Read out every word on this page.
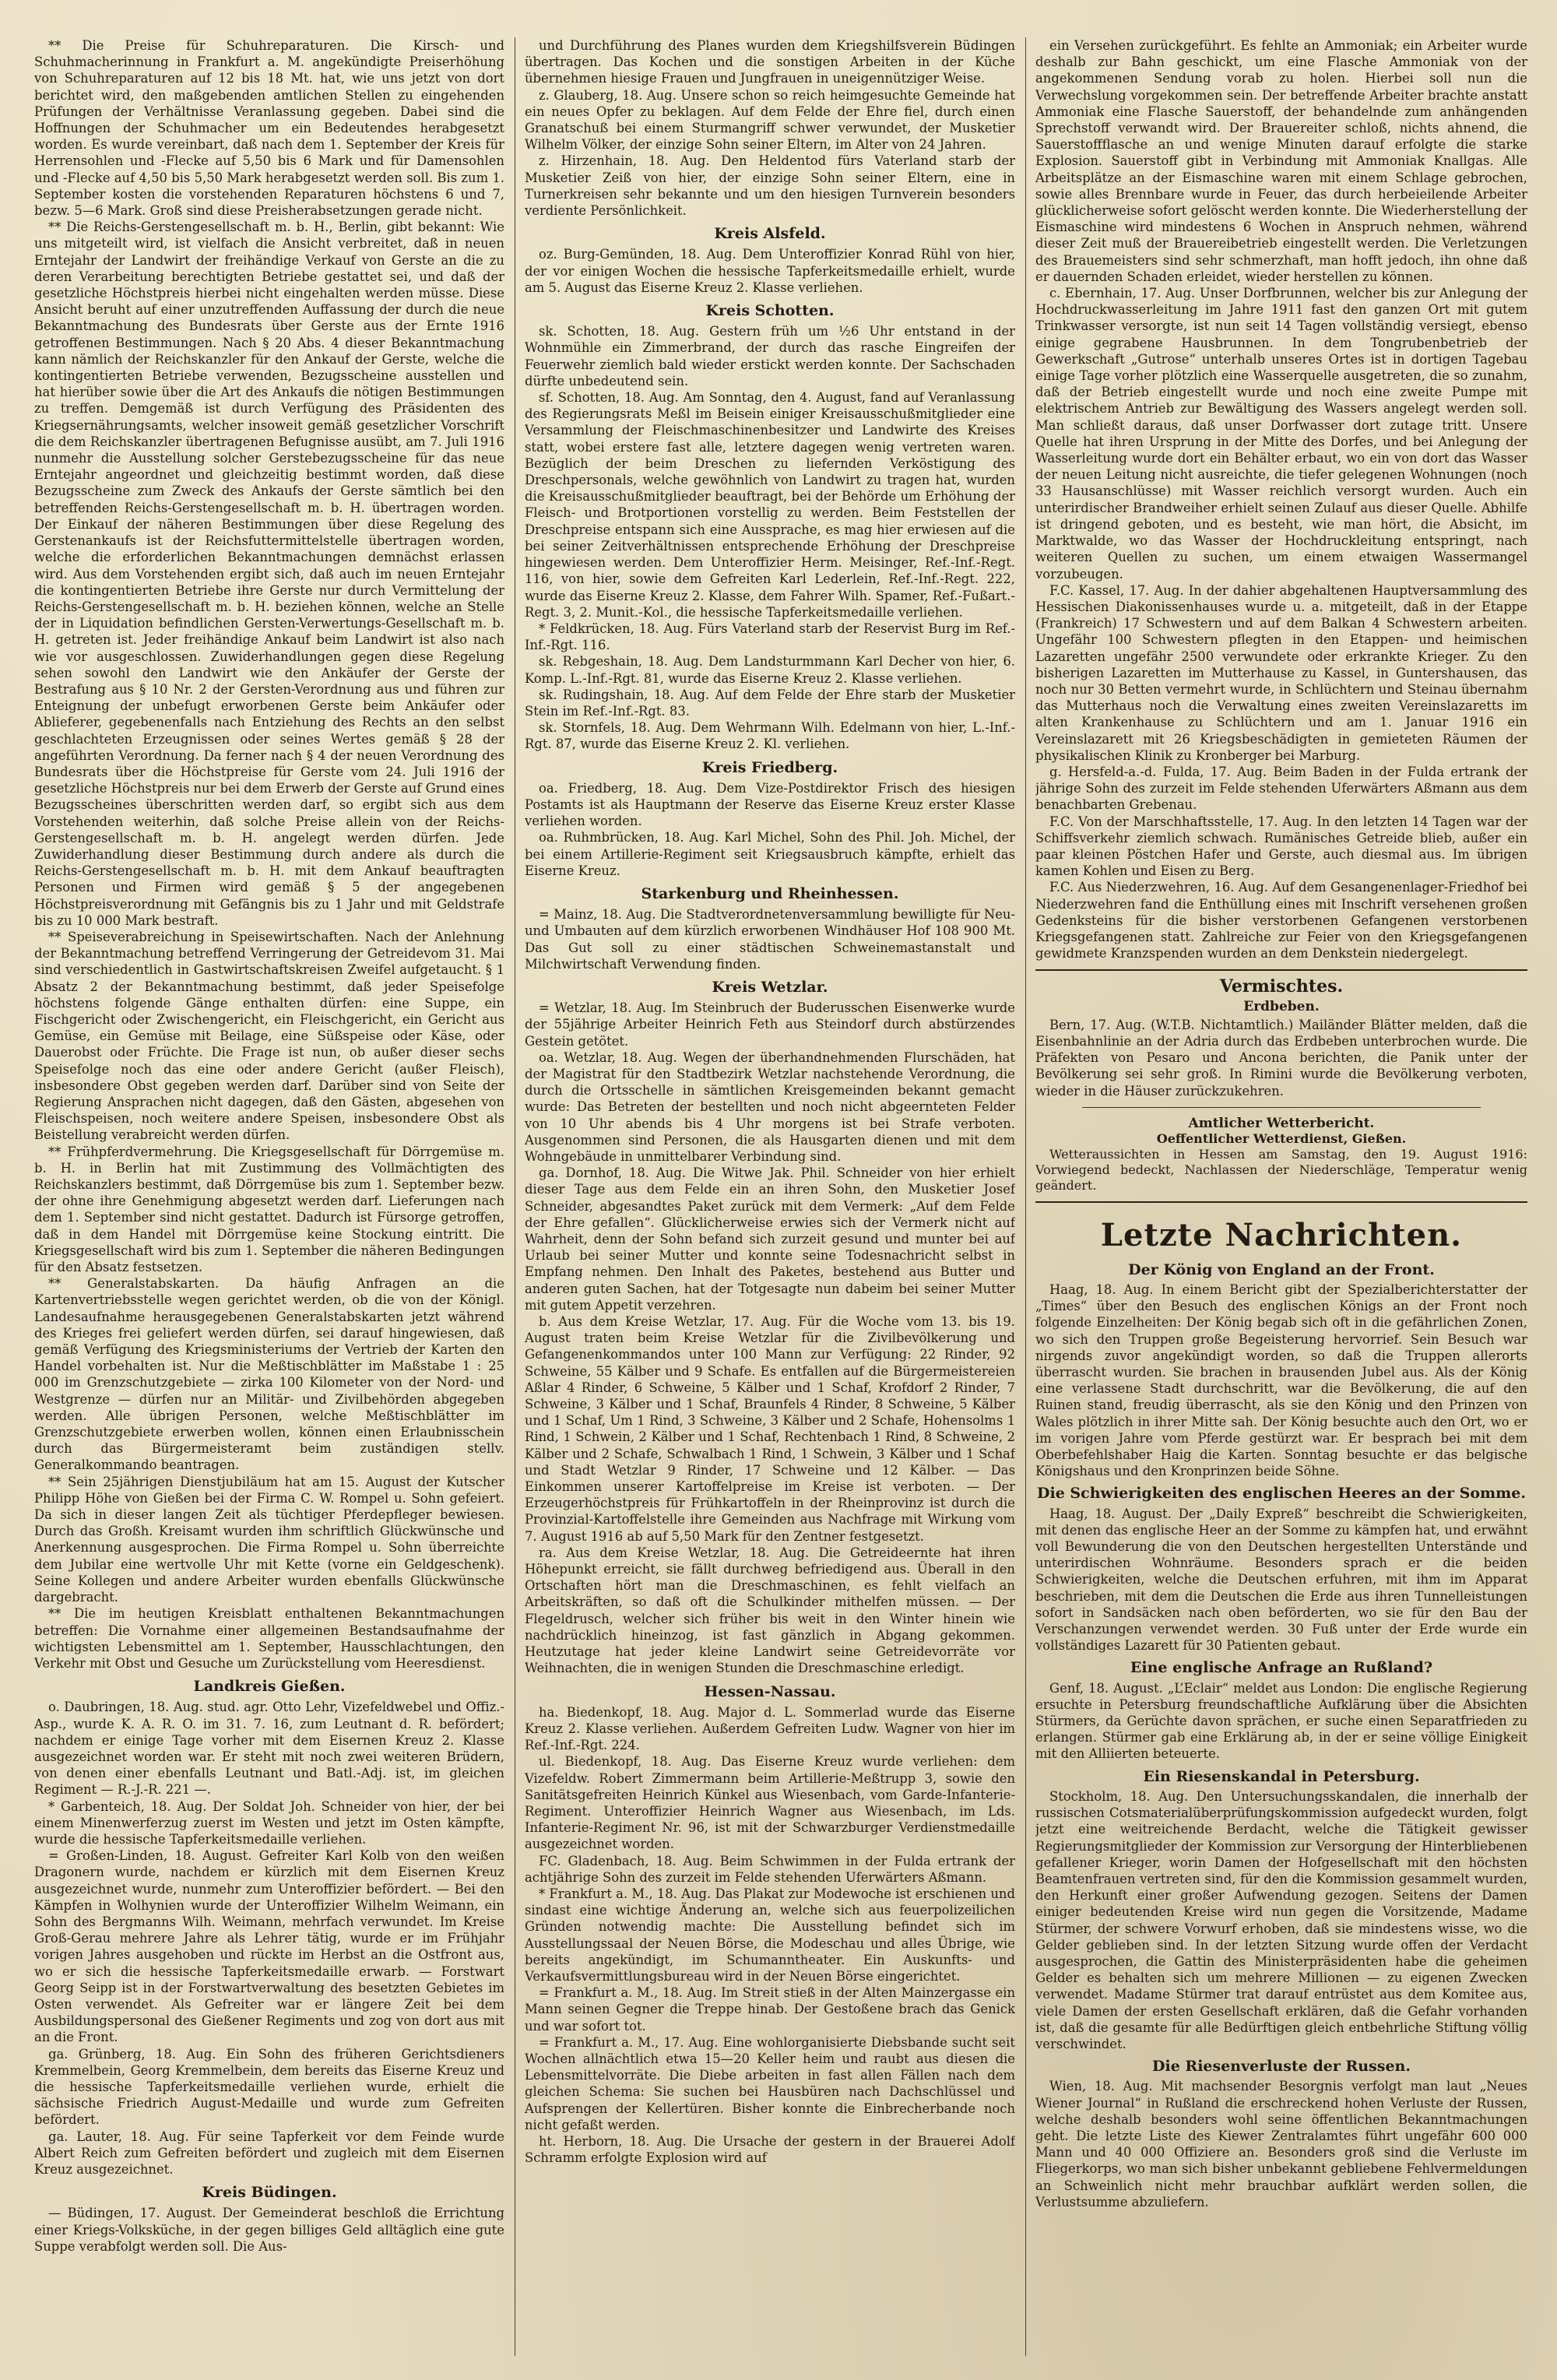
** Die Preise für Schuhreparaturen. Die Kirsch- und Schuhmacherinnung in Frankfurt a. M. angekündigte Preiserhöhung von Schuhreparaturen auf 12 bis 18 Mt. hat, wie uns jetzt von dort berichtet wird, den maßgebenden amtlichen Stellen zu eingehenden Prüfungen der Verhältnisse Veranlassung gegeben. Dabei sind die Hoffnungen der Schuhmacher um ein Bedeutendes herabgesetzt worden. Es wurde vereinbart, daß nach dem 1. September der Kreis für Herrensohlen und -Flecke auf 5,50 bis 6 Mark und für Damensohlen und -Flecke auf 4,50 bis 5,50 Mark herabgesetzt werden soll. Bis zum 1. September kosten die vorstehenden Reparaturen höchstens 6 und 7, bezw. 5—6 Mark. Groß sind diese Preisherabsetzungen gerade nicht.

** Die Reichs-Gerstengesellschaft m. b. H., Berlin, gibt bekannt: Wie uns mitgeteilt wird, ist vielfach die Ansicht verbreitet, daß in neuen Erntejahr der Landwirt der freihändige Verkauf von Gerste an die zu deren Verarbeitung berechtigten Betriebe gestattet sei, und daß der gesetzliche Höchstpreis hierbei nicht eingehalten werden müsse. Diese Ansicht beruht auf einer unzutreffenden Auffassung der durch die neue Bekanntmachung des Bundesrats über Gerste aus der Ernte 1916 getroffenen Bestimmungen. Nach § 20 Abs. 4 dieser Bekanntmachung kann nämlich der Reichskanzler für den Ankauf der Gerste, welche die kontingentierten Betriebe verwenden, Bezugsscheine ausstellen und hat hierüber sowie über die Art des Ankaufs die nötigen Bestimmungen zu treffen. Demgemäß ist durch Verfügung des Präsidenten des Kriegsernährungsamts, welcher insoweit gemäß gesetzlicher Vorschrift die dem Reichskanzler übertragenen Befugnisse ausübt, am 7. Juli 1916 nunmehr die Ausstellung solcher Gerstebezugsscheine für das neue Erntejahr angeordnet und gleichzeitig bestimmt worden, daß diese Bezugsscheine zum Zweck des Ankaufs der Gerste sämtlich bei den betreffenden Reichs-Gerstengesellschaft m. b. H. übertragen worden. Der Einkauf der näheren Bestimmungen über diese Regelung des Gerstenankaufs ist der Reichsfuttermittelstelle übertragen worden, welche die erforderlichen Bekanntmachungen demnächst erlassen wird. Aus dem Vorstehenden ergibt sich, daß auch im neuen Erntejahr die kontingentierten Betriebe ihre Gerste nur durch Vermittelung der Reichs-Gerstengesellschaft m. b. H. beziehen können, welche an Stelle der in Liquidation befindlichen Gersten-Verwertungs-Gesellschaft m. b. H. getreten ist. Jeder freihändige Ankauf beim Landwirt ist also nach wie vor ausgeschlossen. Zuwiderhandlungen gegen diese Regelung sehen sowohl den Landwirt wie den Ankäufer der Gerste der Bestrafung aus § 10 Nr. 2 der Gersten-Verordnung aus und führen zur Enteignung der unbefugt erworbenen Gerste beim Ankäufer oder Ablieferer, gegebenenfalls nach Entziehung des Rechts an den selbst geschlachteten Erzeugnissen oder seines Wertes gemäß § 28 der angeführten Verordnung. Da ferner nach § 4 der neuen Verordnung des Bundesrats über die Höchstpreise für Gerste vom 24. Juli 1916 der gesetzliche Höchstpreis nur bei dem Erwerb der Gerste auf Grund eines Bezugsscheines überschritten werden darf, so ergibt sich aus dem Vorstehenden weiterhin, daß solche Preise allein von der Reichs-Gerstengesellschaft m. b. H. angelegt werden dürfen. Jede Zuwiderhandlung dieser Bestimmung durch andere als durch die Reichs-Gerstengesellschaft m. b. H. mit dem Ankauf beauftragten Personen und Firmen wird gemäß § 5 der angegebenen Höchstpreisverordnung mit Gefängnis bis zu 1 Jahr und mit Geldstrafe bis zu 10 000 Mark bestraft.

** Speiseverabreichung in Speisewirtschaften. Nach der Anlehnung der Bekanntmachung betreffend Verringerung der Getreidevom 31. Mai sind verschiedentlich in Gastwirtschaftskreisen Zweifel aufgetaucht. § 1 Absatz 2 der Bekanntmachung bestimmt, daß jeder Speisefolge höchstens folgende Gänge enthalten dürfen: eine Suppe, ein Fischgericht oder Zwischengericht, ein Fleischgericht, ein Gericht aus Gemüse, ein Gemüse mit Beilage, eine Süßspeise oder Käse, oder Dauerobst oder Früchte. Die Frage ist nun, ob außer dieser sechs Speisefolge noch das eine oder andere Gericht (außer Fleisch), insbesondere Obst gegeben werden darf. Darüber sind von Seite der Regierung Ansprachen nicht dagegen, daß den Gästen, abgesehen von Fleischspeisen, noch weitere andere Speisen, insbesondere Obst als Beistellung verabreicht werden dürfen.

** Frühpferdvermehrung. Die Kriegsgesellschaft für Dörrgemüse m. b. H. in Berlin hat mit Zustimmung des Vollmächtigten des Reichskanzlers bestimmt, daß Dörrgemüse bis zum 1. September bezw. der ohne ihre Genehmigung abgesetzt werden darf. Lieferungen nach dem 1. September sind nicht gestattet. Dadurch ist Fürsorge getroffen, daß in dem Handel mit Dörrgemüse keine Stockung eintritt. Die Kriegsgesellschaft wird bis zum 1. September die näheren Bedingungen für den Absatz festsetzen.

** Generalstabskarten. Da häufig Anfragen an die Kartenvertriebsstelle wegen gerichtet werden, ob die von der Königl. Landesaufnahme herausgegebenen Generalstabskarten jetzt während des Krieges frei geliefert werden dürfen, sei darauf hingewiesen, daß gemäß Verfügung des Kriegsministeriums der Vertrieb der Karten den Handel vorbehalten ist. Nur die Meßtischblätter im Maßstabe 1 : 25 000 im Grenzschutzgebiete — zirka 100 Kilometer von der Nord- und Westgrenze — dürfen nur an Militär- und Zivilbehörden abgegeben werden. Alle übrigen Personen, welche Meßtischblätter im Grenzschutzgebiete erwerben wollen, können einen Erlaubnisschein durch das Bürgermeisteramt beim zuständigen stellv. Generalkommando beantragen.

** Sein 25jährigen Dienstjubiläum hat am 15. August der Kutscher Philipp Höhe von Gießen bei der Firma C. W. Rompel u. Sohn gefeiert. Da sich in dieser langen Zeit als tüchtiger Pferdepfleger bewiesen. Durch das Großh. Kreisamt wurden ihm schriftlich Glückwünsche und Anerkennung ausgesprochen. Die Firma Rompel u. Sohn überreichte dem Jubilar eine wertvolle Uhr mit Kette (vorne ein Geldgeschenk). Seine Kollegen und andere Arbeiter wurden ebenfalls Glückwünsche dargebracht.

** Die im heutigen Kreisblatt enthaltenen Bekanntmachungen betreffen: Die Vornahme einer allgemeinen Bestandsaufnahme der wichtigsten Lebensmittel am 1. September, Hausschlachtungen, den Verkehr mit Obst und Gesuche um Zurückstellung vom Heeresdienst.

Landkreis Gießen.

o. Daubringen, 18. Aug. stud. agr. Otto Lehr, Vizefeldwebel und Offiz.-Asp., wurde K. A. R. O. im 31. 7. 16, zum Leutnant d. R. befördert; nachdem er einige Tage vorher mit dem Eisernen Kreuz 2. Klasse ausgezeichnet worden war. Er steht mit noch zwei weiteren Brüdern, von denen einer ebenfalls Leutnant und Batl.-Adj. ist, im gleichen Regiment — R.-J.-R. 221 —.

* Garbenteich, 18. Aug. Der Soldat Joh. Schneider von hier, der bei einem Minenwerferzug zuerst im Westen und jetzt im Osten kämpfte, wurde die hessische Tapferkeitsmedaille verliehen.

= Großen-Linden, 18. August. Gefreiter Karl Kolb von den weißen Dragonern wurde, nachdem er kürzlich mit dem Eisernen Kreuz ausgezeichnet wurde, nunmehr zum Unteroffizier befördert. — Bei den Kämpfen in Wolhynien wurde der Unteroffizier Wilhelm Weimann, ein Sohn des Bergmanns Wilh. Weimann, mehrfach verwundet. Im Kreise Groß-Gerau mehrere Jahre als Lehrer tätig, wurde er im Frühjahr vorigen Jahres ausgehoben und rückte im Herbst an die Ostfront aus, wo er sich die hessische Tapferkeitsmedaille erwarb. — Forstwart Georg Seipp ist in der Forstwartverwaltung des besetzten Gebietes im Osten verwendet. Als Gefreiter war er längere Zeit bei dem Ausbildungspersonal des Gießener Regiments und zog von dort aus mit an die Front.

ga. Grünberg, 18. Aug. Ein Sohn des früheren Gerichtsdieners Kremmelbein, Georg Kremmelbein, dem bereits das Eiserne Kreuz und die hessische Tapferkeitsmedaille verliehen wurde, erhielt die sächsische Friedrich August-Medaille und wurde zum Gefreiten befördert.

ga. Lauter, 18. Aug. Für seine Tapferkeit vor dem Feinde wurde Albert Reich zum Gefreiten befördert und zugleich mit dem Eisernen Kreuz ausgezeichnet.

Kreis Büdingen.

— Büdingen, 17. August. Der Gemeinderat beschloß die Errichtung einer Kriegs-Volksküche, in der gegen billiges Geld alltäglich eine gute Suppe verabfolgt werden soll. Die Aus-

und Durchführung des Planes wurden dem Kriegshilfsverein Büdingen übertragen. Das Kochen und die sonstigen Arbeiten in der Küche übernehmen hiesige Frauen und Jungfrauen in uneigennütziger Weise.

z. Glauberg, 18. Aug. Unsere schon so reich heimgesuchte Gemeinde hat ein neues Opfer zu beklagen. Auf dem Felde der Ehre fiel, durch einen Granatschuß bei einem Sturmangriff schwer verwundet, der Musketier Wilhelm Völker, der einzige Sohn seiner Eltern, im Alter von 24 Jahren.

z. Hirzenhain, 18. Aug. Den Heldentod fürs Vaterland starb der Musketier Zeiß von hier, der einzige Sohn seiner Eltern, eine in Turnerkreisen sehr bekannte und um den hiesigen Turnverein besonders verdiente Persönlichkeit.

Kreis Alsfeld.

oz. Burg-Gemünden, 18. Aug. Dem Unteroffizier Konrad Rühl von hier, der vor einigen Wochen die hessische Tapferkeitsmedaille erhielt, wurde am 5. August das Eiserne Kreuz 2. Klasse verliehen.

Kreis Schotten.

sk. Schotten, 18. Aug. Gestern früh um ½6 Uhr entstand in der Wohnmühle ein Zimmerbrand, der durch das rasche Eingreifen der Feuerwehr ziemlich bald wieder erstickt werden konnte. Der Sachschaden dürfte unbedeutend sein.

sf. Schotten, 18. Aug. Am Sonntag, den 4. August, fand auf Veranlassung des Regierungsrats Meßl im Beisein einiger Kreisausschußmitglieder eine Versammlung der Fleischmaschinenbesitzer und Landwirte des Kreises statt, wobei erstere fast alle, letztere dagegen wenig vertreten waren. Bezüglich der beim Dreschen zu liefernden Verköstigung des Dreschpersonals, welche gewöhnlich von Landwirt zu tragen hat, wurden die Kreisausschußmitglieder beauftragt, bei der Behörde um Erhöhung der Fleisch- und Brotportionen vorstellig zu werden. Beim Feststellen der Dreschpreise entspann sich eine Aussprache, es mag hier erwiesen auf die bei seiner Zeitverhältnissen entsprechende Erhöhung der Dreschpreise hingewiesen werden. Dem Unteroffizier Herm. Meisinger, Ref.-Inf.-Regt. 116, von hier, sowie dem Gefreiten Karl Lederlein, Ref.-Inf.-Regt. 222, wurde das Eiserne Kreuz 2. Klasse, dem Fahrer Wilh. Spamer, Ref.-Fußart.-Regt. 3, 2. Munit.-Kol., die hessische Tapferkeitsmedaille verliehen.

* Feldkrücken, 18. Aug. Fürs Vaterland starb der Reservist Burg im Ref.-Inf.-Rgt. 116.

sk. Rebgeshain, 18. Aug. Dem Landsturmmann Karl Decher von hier, 6. Komp. L.-Inf.-Rgt. 81, wurde das Eiserne Kreuz 2. Klasse verliehen.

sk. Rudingshain, 18. Aug. Auf dem Felde der Ehre starb der Musketier Stein im Ref.-Inf.-Rgt. 83.

sk. Stornfels, 18. Aug. Dem Wehrmann Wilh. Edelmann von hier, L.-Inf.-Rgt. 87, wurde das Eiserne Kreuz 2. Kl. verliehen.

Kreis Friedberg.

oa. Friedberg, 18. Aug. Dem Vize-Postdirektor Frisch des hiesigen Postamts ist als Hauptmann der Reserve das Eiserne Kreuz erster Klasse verliehen worden.

oa. Ruhmbrücken, 18. Aug. Karl Michel, Sohn des Phil. Joh. Michel, der bei einem Artillerie-Regiment seit Kriegsausbruch kämpfte, erhielt das Eiserne Kreuz.

Starkenburg und Rheinhessen.

= Mainz, 18. Aug. Die Stadtverordnetenversammlung bewilligte für Neu- und Umbauten auf dem kürzlich erworbenen Windhäuser Hof 108 900 Mt. Das Gut soll zu einer städtischen Schweinemastanstalt und Milchwirtschaft Verwendung finden.

Kreis Wetzlar.

= Wetzlar, 18. Aug. Im Steinbruch der Buderusschen Eisenwerke wurde der 55jährige Arbeiter Heinrich Feth aus Steindorf durch abstürzendes Gestein getötet.

oa. Wetzlar, 18. Aug. Wegen der überhandnehmenden Flurschäden, hat der Magistrat für den Stadtbezirk Wetzlar nachstehende Verordnung, die durch die Ortsschelle in sämtlichen Kreisgemeinden bekannt gemacht wurde: Das Betreten der bestellten und noch nicht abgeernteten Felder von 10 Uhr abends bis 4 Uhr morgens ist bei Strafe verboten. Ausgenommen sind Personen, die als Hausgarten dienen und mit dem Wohngebäude in unmittelbarer Verbindung sind.

ga. Dornhof, 18. Aug. Die Witwe Jak. Phil. Schneider von hier erhielt dieser Tage aus dem Felde ein an ihren Sohn, den Musketier Josef Schneider, abgesandtes Paket zurück mit dem Vermerk: „Auf dem Felde der Ehre gefallen“. Glücklicherweise erwies sich der Vermerk nicht auf Wahrheit, denn der Sohn befand sich zurzeit gesund und munter bei auf Urlaub bei seiner Mutter und konnte seine Todesnachricht selbst in Empfang nehmen. Den Inhalt des Paketes, bestehend aus Butter und anderen guten Sachen, hat der Totgesagte nun dabeim bei seiner Mutter mit gutem Appetit verzehren.

b. Aus dem Kreise Wetzlar, 17. Aug. Für die Woche vom 13. bis 19. August traten beim Kreise Wetzlar für die Zivilbevölkerung und Gefangenenkommandos unter 100 Mann zur Verfügung: 22 Rinder, 92 Schweine, 55 Kälber und 9 Schafe. Es entfallen auf die Bürgermeistereien Aßlar 4 Rinder, 6 Schweine, 5 Kälber und 1 Schaf, Krofdorf 2 Rinder, 7 Schweine, 3 Kälber und 1 Schaf, Braunfels 4 Rinder, 8 Schweine, 5 Kälber und 1 Schaf, Um 1 Rind, 3 Schweine, 3 Kälber und 2 Schafe, Hohensolms 1 Rind, 1 Schwein, 2 Kälber und 1 Schaf, Rechtenbach 1 Rind, 8 Schweine, 2 Kälber und 2 Schafe, Schwalbach 1 Rind, 1 Schwein, 3 Kälber und 1 Schaf und Stadt Wetzlar 9 Rinder, 17 Schweine und 12 Kälber. — Das Einkommen unserer Kartoffelpreise im Kreise ist verboten. — Der Erzeugerhöchstpreis für Frühkartoffeln in der Rheinprovinz ist durch die Provinzial-Kartoffelstelle ihre Gemeinden aus Nachfrage mit Wirkung vom 7. August 1916 ab auf 5,50 Mark für den Zentner festgesetzt.

ra. Aus dem Kreise Wetzlar, 18. Aug. Die Getreideernte hat ihren Höhepunkt erreicht, sie fällt durchweg befriedigend aus. Überall in den Ortschaften hört man die Dreschmaschinen, es fehlt vielfach an Arbeitskräften, so daß oft die Schulkinder mithelfen müssen. — Der Flegeldrusch, welcher sich früher bis weit in den Winter hinein wie nachdrücklich hineinzog, ist fast gänzlich in Abgang gekommen. Heutzutage hat jeder kleine Landwirt seine Getreidevorräte vor Weihnachten, die in wenigen Stunden die Dreschmaschine erledigt.

Hessen-Nassau.

ha. Biedenkopf, 18. Aug. Major d. L. Sommerlad wurde das Eiserne Kreuz 2. Klasse verliehen. Außerdem Gefreiten Ludw. Wagner von hier im Ref.-Inf.-Rgt. 224.

ul. Biedenkopf, 18. Aug. Das Eiserne Kreuz wurde verliehen: dem Vizefeldw. Robert Zimmermann beim Artillerie-Meßtrupp 3, sowie den Sanitätsgefreiten Heinrich Künkel aus Wiesenbach, vom Garde-Infanterie-Regiment. Unteroffizier Heinrich Wagner aus Wiesenbach, im Lds. Infanterie-Regiment Nr. 96, ist mit der Schwarzburger Verdienstmedaille ausgezeichnet worden.

FC. Gladenbach, 18. Aug. Beim Schwimmen in der Fulda ertrank der achtjährige Sohn des zurzeit im Felde stehenden Uferwärters Aßmann.

* Frankfurt a. M., 18. Aug. Das Plakat zur Modewoche ist erschienen und sindast eine wichtige Änderung an, welche sich aus feuerpolizeilichen Gründen notwendig machte: Die Ausstellung befindet sich im Ausstellungssaal der Neuen Börse, die Modeschau und alles Übrige, wie bereits angekündigt, im Schumanntheater. Ein Auskunfts- und Verkaufsvermittlungsbureau wird in der Neuen Börse eingerichtet.

= Frankfurt a. M., 18. Aug. Im Streit stieß in der Alten Mainzergasse ein Mann seinen Gegner die Treppe hinab. Der Gestoßene brach das Genick und war sofort tot.

= Frankfurt a. M., 17. Aug. Eine wohlorganisierte Diebsbande sucht seit Wochen allnächtlich etwa 15—20 Keller heim und raubt aus diesen die Lebensmittelvorräte. Die Diebe arbeiten in fast allen Fällen nach dem gleichen Schema: Sie suchen bei Hausbüren nach Dachschlüssel und Aufsprengen der Kellertüren. Bisher konnte die Einbrecherbande noch nicht gefaßt werden.

ht. Herborn, 18. Aug. Die Ursache der gestern in der Brauerei Adolf Schramm erfolgte Explosion wird auf

ein Versehen zurückgeführt. Es fehlte an Ammoniak; ein Arbeiter wurde deshalb zur Bahn geschickt, um eine Flasche Ammoniak von der angekommenen Sendung vorab zu holen. Hierbei soll nun die Verwechslung vorgekommen sein. Der betreffende Arbeiter brachte anstatt Ammoniak eine Flasche Sauerstoff, der behandelnde zum anhängenden Sprechstoff verwandt wird. Der Brauereiter schloß, nichts ahnend, die Sauerstoffflasche an und wenige Minuten darauf erfolgte die starke Explosion. Sauerstoff gibt in Verbindung mit Ammoniak Knallgas. Alle Arbeitsplätze an der Eismaschine waren mit einem Schlage gebrochen, sowie alles Brennbare wurde in Feuer, das durch herbeieilende Arbeiter glücklicherweise sofort gelöscht werden konnte. Die Wiederherstellung der Eismaschine wird mindestens 6 Wochen in Anspruch nehmen, während dieser Zeit muß der Brauereibetrieb eingestellt werden. Die Verletzungen des Brauemeisters sind sehr schmerzhaft, man hofft jedoch, ihn ohne daß er dauernden Schaden erleidet, wieder herstellen zu können.

c. Ebernhain, 17. Aug. Unser Dorfbrunnen, welcher bis zur Anlegung der Hochdruckwasserleitung im Jahre 1911 fast den ganzen Ort mit gutem Trinkwasser versorgte, ist nun seit 14 Tagen vollständig versiegt, ebenso einige gegrabene Hausbrunnen. In dem Tongrubenbetrieb der Gewerkschaft „Gutrose“ unterhalb unseres Ortes ist in dortigen Tagebau einige Tage vorher plötzlich eine Wasserquelle ausgetreten, die so zunahm, daß der Betrieb eingestellt wurde und noch eine zweite Pumpe mit elektrischem Antrieb zur Bewältigung des Wassers angelegt werden soll. Man schließt daraus, daß unser Dorfwasser dort zutage tritt. Unsere Quelle hat ihren Ursprung in der Mitte des Dorfes, und bei Anlegung der Wasserleitung wurde dort ein Behälter erbaut, wo ein von dort das Wasser der neuen Leitung nicht ausreichte, die tiefer gelegenen Wohnungen (noch 33 Hausanschlüsse) mit Wasser reichlich versorgt wurden. Auch ein unterirdischer Brandweiher erhielt seinen Zulauf aus dieser Quelle. Abhilfe ist dringend geboten, und es besteht, wie man hört, die Absicht, im Marktwalde, wo das Wasser der Hochdruckleitung entspringt, nach weiteren Quellen zu suchen, um einem etwaigen Wassermangel vorzubeugen.

F.C. Kassel, 17. Aug. In der dahier abgehaltenen Hauptversammlung des Hessischen Diakonissenhauses wurde u. a. mitgeteilt, daß in der Etappe (Frankreich) 17 Schwestern und auf dem Balkan 4 Schwestern arbeiten. Ungefähr 100 Schwestern pflegten in den Etappen- und heimischen Lazaretten ungefähr 2500 verwundete oder erkrankte Krieger. Zu den bisherigen Lazaretten im Mutterhause zu Kassel, in Guntershausen, das noch nur 30 Betten vermehrt wurde, in Schlüchtern und Steinau übernahm das Mutterhaus noch die Verwaltung eines zweiten Vereinslazaretts im alten Krankenhause zu Schlüchtern und am 1. Januar 1916 ein Vereinslazarett mit 26 Kriegsbeschädigten in gemieteten Räumen der physikalischen Klinik zu Kronberger bei Marburg.

g. Hersfeld-a.-d. Fulda, 17. Aug. Beim Baden in der Fulda ertrank der jährige Sohn des zurzeit im Felde stehenden Uferwärters Aßmann aus dem benachbarten Grebenau.

F.C. Von der Marschhaftsstelle, 17. Aug. In den letzten 14 Tagen war der Schiffsverkehr ziemlich schwach. Rumänisches Getreide blieb, außer ein paar kleinen Pöstchen Hafer und Gerste, auch diesmal aus. Im übrigen kamen Kohlen und Eisen zu Berg.

F.C. Aus Niederzwehren, 16. Aug. Auf dem Gesangenenlager-Friedhof bei Niederzwehren fand die Enthüllung eines mit Inschrift versehenen großen Gedenksteins für die bisher verstorbenen Gefangenen verstorbenen Kriegsgefangenen statt. Zahlreiche zur Feier von den Kriegsgefangenen gewidmete Kranzspenden wurden an dem Denkstein niedergelegt.

Vermischtes.
Erdbeben.

Bern, 17. Aug. (W.T.B. Nichtamtlich.) Mailänder Blätter melden, daß die Eisenbahnlinie an der Adria durch das Erdbeben unterbrochen wurde. Die Präfekten von Pesaro und Ancona berichten, die Panik unter der Bevölkerung sei sehr groß. In Rimini wurde die Bevölkerung verboten, wieder in die Häuser zurückzukehren.

Amtlicher Wetterbericht.
Oeffentlicher Wetterdienst, Gießen.

Wetteraussichten in Hessen am Samstag, den 19. August 1916: Vorwiegend bedeckt, Nachlassen der Niederschläge, Temperatur wenig geändert.

Letzte Nachrichten.
Der König von England an der Front.

Haag, 18. Aug. In einem Bericht gibt der Spezialberichterstatter der „Times“ über den Besuch des englischen Königs an der Front noch folgende Einzelheiten: Der König begab sich oft in die gefährlichen Zonen, wo sich den Truppen große Begeisterung hervorrief. Sein Besuch war nirgends zuvor angekündigt worden, so daß die Truppen allerorts überrascht wurden. Sie brachen in brausenden Jubel aus. Als der König eine verlassene Stadt durchschritt, war die Bevölkerung, die auf den Ruinen stand, freudig überrascht, als sie den König und den Prinzen von Wales plötzlich in ihrer Mitte sah. Der König besuchte auch den Ort, wo er im vorigen Jahre vom Pferde gestürzt war. Er besprach bei mit dem Oberbefehlshaber Haig die Karten. Sonntag besuchte er das belgische Königshaus und den Kronprinzen beide Söhne.

Die Schwierigkeiten des englischen Heeres an der Somme.

Haag, 18. August. Der „Daily Expreß“ beschreibt die Schwierigkeiten, mit denen das englische Heer an der Somme zu kämpfen hat, und erwähnt voll Bewunderung die von den Deutschen hergestellten Unterstände und unterirdischen Wohnräume. Besonders sprach er die beiden Schwierigkeiten, welche die Deutschen erfuhren, mit ihm im Apparat beschrieben, mit dem die Deutschen die Erde aus ihren Tunnelleistungen sofort in Sandsäcken nach oben beförderten, wo sie für den Bau der Verschanzungen verwendet werden. 30 Fuß unter der Erde wurde ein vollständiges Lazarett für 30 Patienten gebaut.

Eine englische Anfrage an Rußland?

Genf, 18. August. „L’Eclair“ meldet aus London: Die englische Regierung ersuchte in Petersburg freundschaftliche Aufklärung über die Absichten Stürmers, da Gerüchte davon sprächen, er suche einen Separatfrieden zu erlangen. Stürmer gab eine Erklärung ab, in der er seine völlige Einigkeit mit den Alliierten beteuerte.

Ein Riesenskandal in Petersburg.

Stockholm, 18. Aug. Den Untersuchungsskandalen, die innerhalb der russischen Cotsmaterialüberprüfungskommission aufgedeckt wurden, folgt jetzt eine weitreichende Berdacht, welche die Tätigkeit gewisser Regierungsmitglieder der Kommission zur Versorgung der Hinterbliebenen gefallener Krieger, worin Damen der Hofgesellschaft mit den höchsten Beamtenfrauen vertreten sind, für den die Kommission gesammelt wurden, den Herkunft einer großer Aufwendung gezogen. Seitens der Damen einiger bedeutenden Kreise wird nun gegen die Vorsitzende, Madame Stürmer, der schwere Vorwurf erhoben, daß sie mindestens wisse, wo die Gelder geblieben sind. In der letzten Sitzung wurde offen der Verdacht ausgesprochen, die Gattin des Ministerpräsidenten habe die geheimen Gelder es behalten sich um mehrere Millionen — zu eigenen Zwecken verwendet. Madame Stürmer trat darauf entrüstet aus dem Komitee aus, viele Damen der ersten Gesellschaft erklären, daß die Gefahr vorhanden ist, daß die gesamte für alle Bedürftigen gleich entbehrliche Stiftung völlig verschwindet.

Die Riesenverluste der Russen.

Wien, 18. Aug. Mit machsender Besorgnis verfolgt man laut „Neues Wiener Journal“ in Rußland die erschreckend hohen Verluste der Russen, welche deshalb besonders wohl seine öffentlichen Bekanntmachungen geht. Die letzte Liste des Kiewer Zentralamtes führt ungefähr 600 000 Mann und 40 000 Offiziere an. Besonders groß sind die Verluste im Fliegerkorps, wo man sich bisher unbekannt gebliebene Fehlvermeldungen an Schweinlich nicht mehr brauchbar aufklärt werden sollen, die Verlustsumme abzuliefern.
